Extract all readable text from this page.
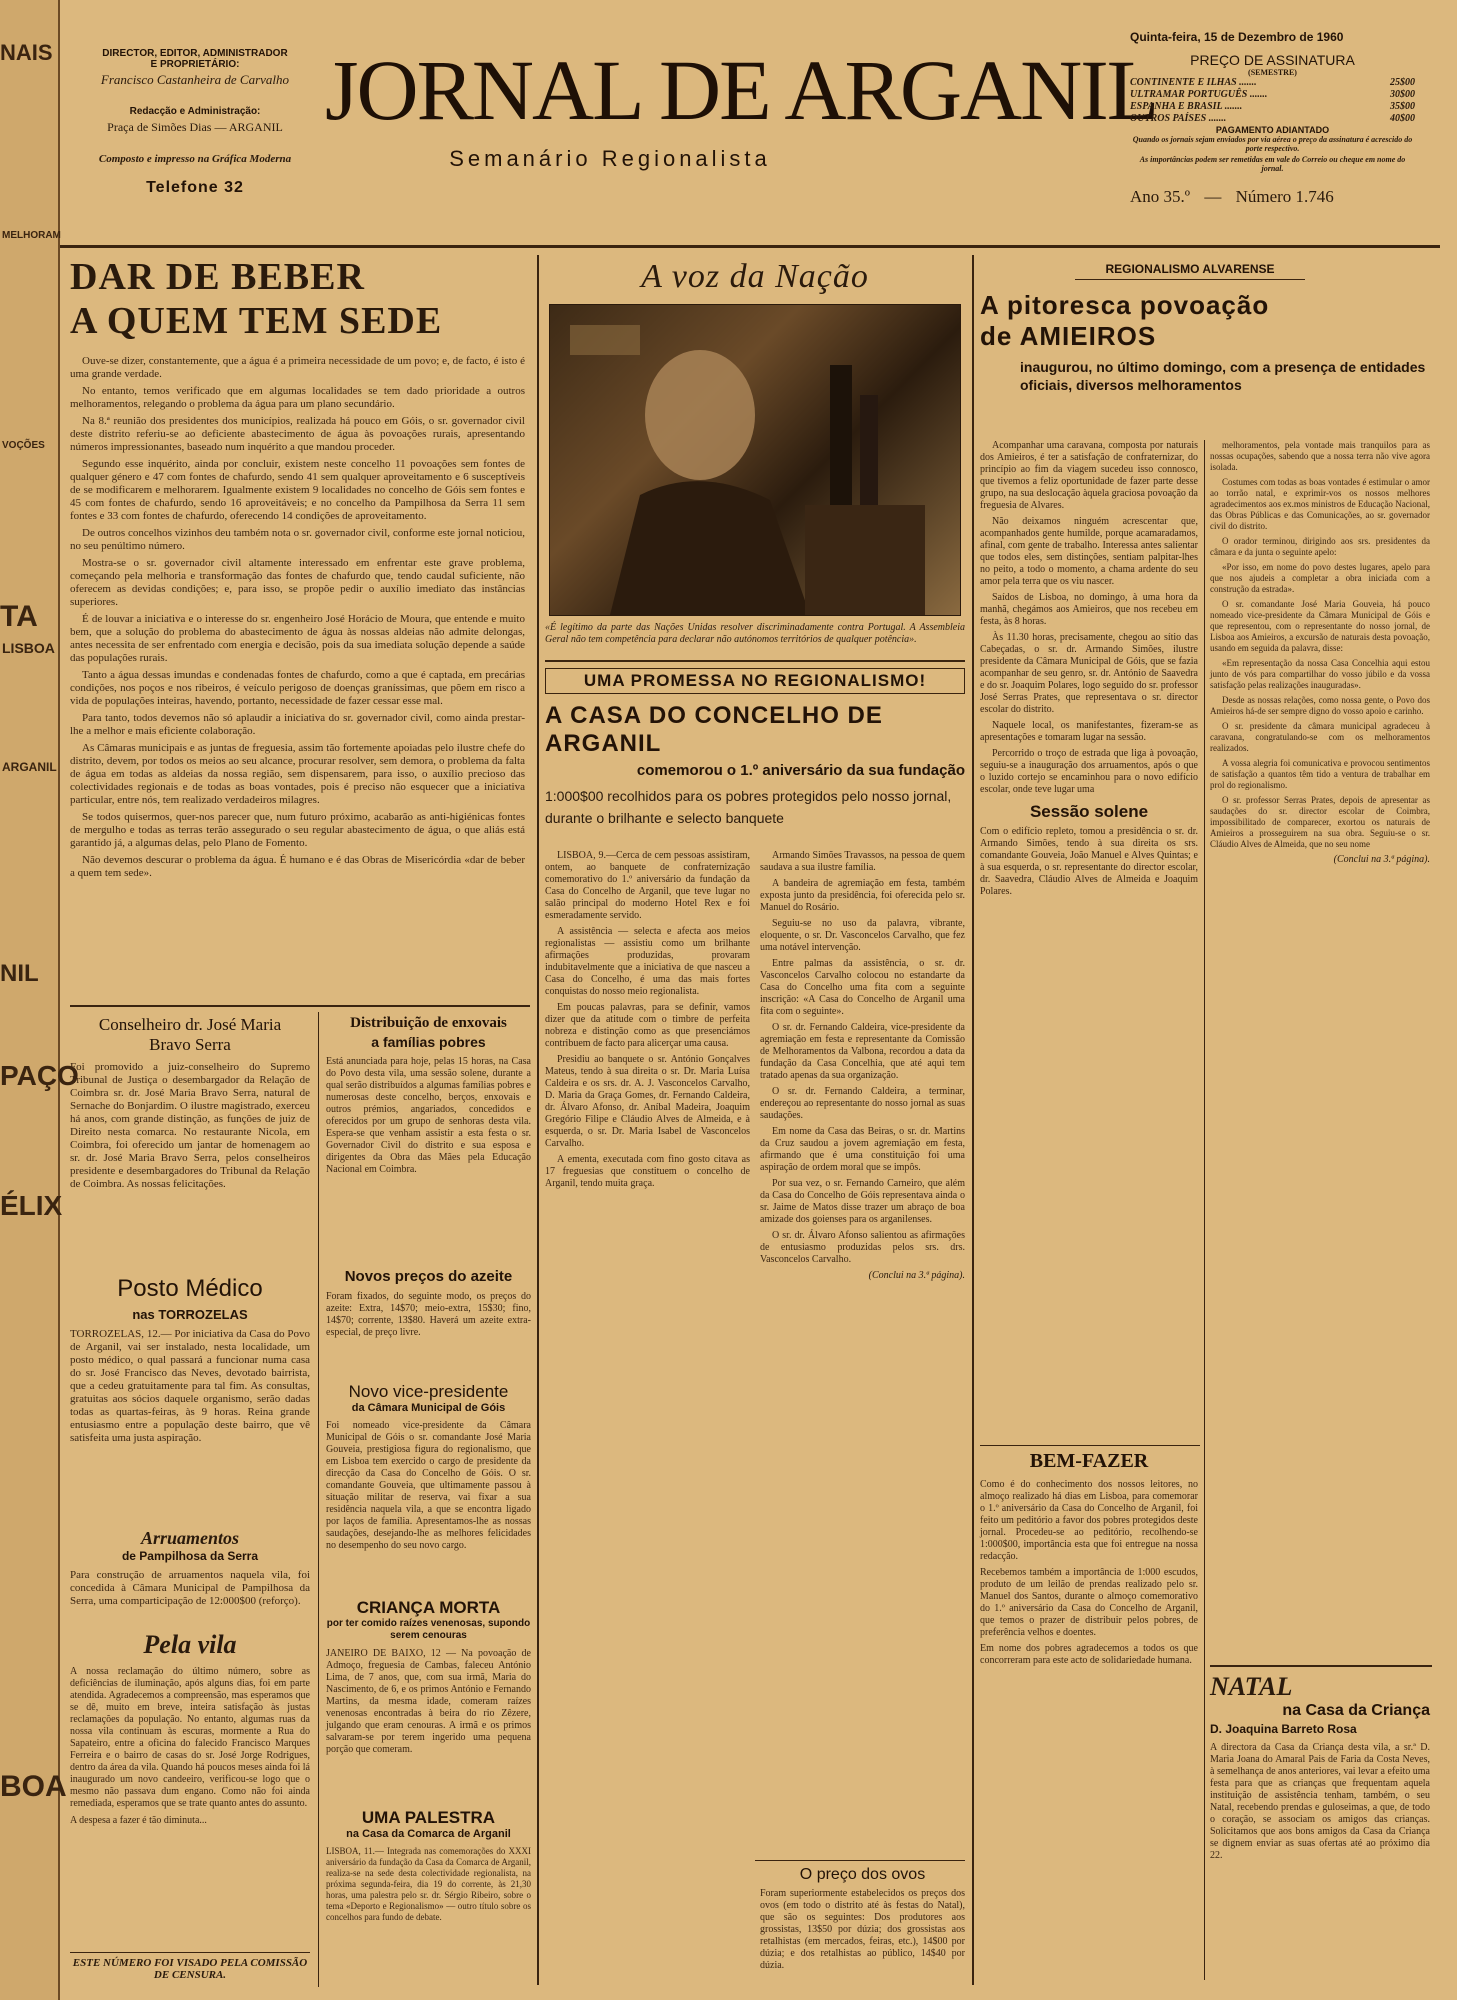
NAIS
MELHORAM
VOÇÕES
TA
LISBOA
ARGANIL
NIL
PAÇO
ÉLIX
BOA
DIRECTOR, EDITOR, ADMINISTRADOR
E PROPRIETÁRIO:
Francisco Castanheira de Carvalho
Redacção e Administração:
Praça de Simões Dias — ARGANIL
Composto e impresso na Gráfica Moderna
Telefone 32
JORNAL DE ARGANIL
Semanário Regionalista
Quinta-feira, 15 de Dezembro de 1960
PREÇO DE ASSINATURA
(SEMESTRE)
CONTINENTE E ILHAS .......	25$00
ULTRAMAR PORTUGUÊS .......	30$00
ESPANHA E BRASIL .......	35$00
OUTROS PAÍSES .......	40$00
PAGAMENTO ADIANTADO
Quando os jornais sejam enviados por via aérea o preço da assinatura é acrescido do porte respectivo.
As importâncias podem ser remetidas em vale do Correio ou cheque em nome do jornal.
Ano 35.º — Número 1.746
DAR DE BEBER
A QUEM TEM SEDE

Ouve-se dizer, constantemente, que a água é a primeira necessidade de um povo; e, de facto, é isto é uma grande verdade.

No entanto, temos verificado que em algumas localidades se tem dado prioridade a outros melhoramentos, relegando o problema da água para um plano secundário.

Na 8.ª reunião dos presidentes dos municípios, realizada há pouco em Góis, o sr. governador civil deste distrito referiu-se ao deficiente abastecimento de água às povoações rurais, apresentando números impressionantes, baseado num inquérito a que mandou proceder.

Segundo esse inquérito, ainda por concluir, existem neste concelho 11 povoações sem fontes de qualquer género e 47 com fontes de chafurdo, sendo 41 sem qualquer aproveitamento e 6 susceptíveis de se modificarem e melhorarem. Igualmente existem 9 localidades no concelho de Góis sem fontes e 45 com fontes de chafurdo, sendo 16 aproveitáveis; e no concelho da Pampilhosa da Serra 11 sem fontes e 33 com fontes de chafurdo, oferecendo 14 condições de aproveitamento.

De outros concelhos vizinhos deu também nota o sr. governador civil, conforme este jornal noticiou, no seu penúltimo número.

Mostra-se o sr. governador civil altamente interessado em enfrentar este grave problema, começando pela melhoria e transformação das fontes de chafurdo que, tendo caudal suficiente, não oferecem as devidas condições; e, para isso, se propõe pedir o auxílio imediato das instâncias superiores.

É de louvar a iniciativa e o interesse do sr. engenheiro José Horácio de Moura, que entende e muito bem, que a solução do problema do abastecimento de água às nossas aldeias não admite delongas, antes necessita de ser enfrentado com energia e decisão, pois da sua imediata solução depende a saúde das populações rurais.

Tanto a água dessas imundas e condenadas fontes de chafurdo, como a que é captada, em precárias condições, nos poços e nos ribeiros, é veículo perigoso de doenças graníssimas, que põem em risco a vida de populações inteiras, havendo, portanto, necessidade de fazer cessar esse mal.

Para tanto, todos devemos não só aplaudir a iniciativa do sr. governador civil, como ainda prestar-lhe a melhor e mais eficiente colaboração.

As Câmaras municipais e as juntas de freguesia, assim tão fortemente apoiadas pelo ilustre chefe do distrito, devem, por todos os meios ao seu alcance, procurar resolver, sem demora, o problema da falta de água em todas as aldeias da nossa região, sem dispensarem, para isso, o auxílio precioso das colectividades regionais e de todas as boas vontades, pois é preciso não esquecer que a iniciativa particular, entre nós, tem realizado verdadeiros milagres.

Se todos quisermos, quer-nos parecer que, num futuro próximo, acabarão as anti-higiénicas fontes de mergulho e todas as terras terão assegurado o seu regular abastecimento de água, o que aliás está garantido já, a algumas delas, pelo Plano de Fomento.

Não devemos descurar o problema da água. É humano e é das Obras de Misericórdia «dar de beber a quem tem sede».

Conselheiro dr. José Maria
Bravo Serra
Foi promovido a juiz-conselheiro do Supremo Tribunal de Justiça o desembargador da Relação de Coimbra sr. dr. José Maria Bravo Serra, natural de Sernache do Bonjardim. O ilustre magistrado, exerceu há anos, com grande distinção, as funções de juiz de Direito nesta comarca. No restaurante Nicola, em Coimbra, foi oferecido um jantar de homenagem ao sr. dr. José Maria Bravo Serra, pelos conselheiros presidente e desembargadores do Tribunal da Relação de Coimbra. As nossas felicitações.
Posto Médico
nas TORROZELAS
TORROZELAS, 12.— Por iniciativa da Casa do Povo de Arganil, vai ser instalado, nesta localidade, um posto médico, o qual passará a funcionar numa casa do sr. José Francisco das Neves, devotado bairrista, que a cedeu gratuitamente para tal fim. As consultas, gratuitas aos sócios daquele organismo, serão dadas todas as quartas-feiras, às 9 horas. Reina grande entusiasmo entre a população deste bairro, que vê satisfeita uma justa aspiração.
Arruamentos
de Pampilhosa da Serra
Para construção de arruamentos naquela vila, foi concedida à Câmara Municipal de Pampilhosa da Serra, uma comparticipação de 12:000$00 (reforço).
Pela vila
A nossa reclamação do último número, sobre as deficiências de iluminação, após alguns dias, foi em parte atendida. Agradecemos a compreensão, mas esperamos que se dê, muito em breve, inteira satisfação às justas reclamações da população. No entanto, algumas ruas da nossa vila continuam às escuras, mormente a Rua do Sapateiro, entre a oficina do falecido Francisco Marques Ferreira e o bairro de casas do sr. José Jorge Rodrigues, dentro da área da vila. Quando há poucos meses ainda foi lá inaugurado um novo candeeiro, verificou-se logo que o mesmo não passava dum engano. Como não foi ainda remediada, esperamos que se trate quanto antes do assunto.
A despesa a fazer é tão diminuta...
ESTE NÚMERO FOI VISADO PELA COMISSÃO DE CENSURA.
Distribuição de enxovais
a famílias pobres
Está anunciada para hoje, pelas 15 horas, na Casa do Povo desta vila, uma sessão solene, durante a qual serão distribuídos a algumas famílias pobres e numerosas deste concelho, berços, enxovais e outros prémios, angariados, concedidos e oferecidos por um grupo de senhoras desta vila. Espera-se que venham assistir a esta festa o sr. Governador Civil do distrito e sua esposa e dirigentes da Obra das Mães pela Educação Nacional em Coimbra.
Novos preços do azeite
Foram fixados, do seguinte modo, os preços do azeite: Extra, 14$70; meio-extra, 15$30; fino, 14$70; corrente, 13$80. Haverá um azeite extra-especial, de preço livre.
Novo vice-presidente
da Câmara Municipal de Góis
Foi nomeado vice-presidente da Câmara Municipal de Góis o sr. comandante José Maria Gouveia, prestigiosa figura do regionalismo, que em Lisboa tem exercido o cargo de presidente da direcção da Casa do Concelho de Góis. O sr. comandante Gouveia, que ultimamente passou à situação militar de reserva, vai fixar a sua residência naquela vila, a que se encontra ligado por laços de família. Apresentamos-lhe as nossas saudações, desejando-lhe as melhores felicidades no desempenho do seu novo cargo.
CRIANÇA MORTA
por ter comido raízes venenosas, supondo serem cenouras
JANEIRO DE BAIXO, 12 — Na povoação de Admoço, freguesia de Cambas, faleceu António Lima, de 7 anos, que, com sua irmã, Maria do Nascimento, de 6, e os primos António e Fernando Martins, da mesma idade, comeram raízes venenosas encontradas à beira do rio Zêzere, julgando que eram cenouras. A irmã e os primos salvaram-se por terem ingerido uma pequena porção que comeram.
UMA PALESTRA
na Casa da Comarca de Arganil
LISBOA, 11.— Integrada nas comemorações do XXXI aniversário da fundação da Casa da Comarca de Arganil, realiza-se na sede desta colectividade regionalista, na próxima segunda-feira, dia 19 do corrente, às 21,30 horas, uma palestra pelo sr. dr. Sérgio Ribeiro, sobre o tema «Deporto e Regionalismo» — outro título sobre os concelhos para fundo de debate.
A voz da Nação
«É legítimo da parte das Nações Unidas resolver discriminadamente contra Portugal. A Assembleia Geral não tem competência para declarar não autónomos territórios de qualquer potência».
UMA PROMESSA NO REGIONALISMO!
A CASA DO CONCELHO DE ARGANIL
comemorou o 1.º aniversário da sua fundação
1:000$00 recolhidos para os pobres protegidos pelo nosso jornal, durante o brilhante e selecto banquete

LISBOA, 9.—Cerca de cem pessoas assistiram, ontem, ao banquete de confraternização comemorativo do 1.º aniversário da fundação da Casa do Concelho de Arganil, que teve lugar no salão principal do moderno Hotel Rex e foi esmeradamente servido.

A assistência — selecta e afecta aos meios regionalistas — assistiu como um brilhante afirmações produzidas, provaram indubitavelmente que a iniciativa de que nasceu a Casa do Concelho, é uma das mais fortes conquistas do nosso meio regionalista.

Em poucas palavras, para se definir, vamos dizer que da atitude com o timbre de perfeita nobreza e distinção como as que presenciámos contribuem de facto para alicerçar uma causa.

Presidiu ao banquete o sr. António Gonçalves Mateus, tendo à sua direita o sr. Dr. Maria Luísa Caldeira e os srs. dr. A. J. Vasconcelos Carvalho, D. Maria da Graça Gomes, dr. Fernando Caldeira, dr. Álvaro Afonso, dr. Aníbal Madeira, Joaquim Gregório Filipe e Cláudio Alves de Almeida, e à esquerda, o sr. Dr. Maria Isabel de Vasconcelos Carvalho.

A ementa, executada com fino gosto citava as 17 freguesias que constituem o concelho de Arganil, tendo muita graça.

Armando Simões Travassos, na pessoa de quem saudava a sua ilustre família.

A bandeira de agremiação em festa, também exposta junto da presidência, foi oferecida pelo sr. Manuel do Rosário.

Seguiu-se no uso da palavra, vibrante, eloquente, o sr. Dr. Vasconcelos Carvalho, que fez uma notável intervenção.

Entre palmas da assistência, o sr. dr. Vasconcelos Carvalho colocou no estandarte da Casa do Concelho uma fita com a seguinte inscrição: «A Casa do Concelho de Arganil uma fita com o seguinte».

O sr. dr. Fernando Caldeira, vice-presidente da agremiação em festa e representante da Comissão de Melhoramentos da Valbona, recordou a data da fundação da Casa Concelhia, que até aqui tem tratado apenas da sua organização.

O sr. dr. Fernando Caldeira, a terminar, endereçou ao representante do nosso jornal as suas saudações.

Em nome da Casa das Beiras, o sr. dr. Martins da Cruz saudou a jovem agremiação em festa, afirmando que é uma constituição foi uma aspiração de ordem moral que se impôs.

Por sua vez, o sr. Fernando Carneiro, que além da Casa do Concelho de Góis representava ainda o sr. Jaime de Matos disse trazer um abraço de boa amizade dos goienses para os arganilenses.

O sr. dr. Álvaro Afonso salientou as afirmações de entusiasmo produzidas pelos srs. drs. Vasconcelos Carvalho.

(Conclui na 3.ª página).
O preço dos ovos
Foram superiormente estabelecidos os preços dos ovos (em todo o distrito até às festas do Natal), que são os seguintes: Dos produtores aos grossistas, 13$50 por dúzia; dos grossistas aos retalhistas (em mercados, feiras, etc.), 14$00 por dúzia; e dos retalhistas ao público, 14$40 por dúzia.
REGIONALISMO ALVARENSE
A pitoresca povoação
de AMIEIROS
inaugurou, no último domingo, com a presença de entidades oficiais, diversos melhoramentos

Acompanhar uma caravana, composta por naturais dos Amieiros, é ter a satisfação de confraternizar, do princípio ao fim da viagem sucedeu isso connosco, que tivemos a feliz oportunidade de fazer parte desse grupo, na sua deslocação àquela graciosa povoação da freguesia de Alvares.

Não deixamos ninguém acrescentar que, acompanhados gente humilde, porque acamaradamos, afinal, com gente de trabalho. Interessa antes salientar que todos eles, sem distinções, sentiam palpitar-lhes no peito, a todo o momento, a chama ardente do seu amor pela terra que os viu nascer.

Saídos de Lisboa, no domingo, à uma hora da manhã, chegámos aos Amieiros, que nos recebeu em festa, às 8 horas.

Às 11.30 horas, precisamente, chegou ao sítio das Cabeçadas, o sr. dr. Armando Simões, ilustre presidente da Câmara Municipal de Góis, que se fazia acompanhar de seu genro, sr. dr. António de Saavedra e do sr. Joaquim Polares, logo seguido do sr. professor José Serras Prates, que representava o sr. director escolar do distrito.

Naquele local, os manifestantes, fizeram-se as apresentações e tomaram lugar na sessão.

Percorrido o troço de estrada que liga à povoação, seguiu-se a inauguração dos arruamentos, após o que o luzido cortejo se encaminhou para o novo edifício escolar, onde teve lugar uma

Sessão solene
Com o edifício repleto, tomou a presidência o sr. dr. Armando Simões, tendo à sua direita os srs. comandante Gouveia, João Manuel e Alves Quintas; e à sua esquerda, o sr. representante do director escolar, dr. Saavedra, Cláudio Alves de Almeida e Joaquim Polares.

melhoramentos, pela vontade mais tranquilos para as nossas ocupações, sabendo que a nossa terra não vive agora isolada.

Costumes com todas as boas vontades é estimular o amor ao torrão natal, e exprimir-vos os nossos melhores agradecimentos aos ex.mos ministros de Educação Nacional, das Obras Públicas e das Comunicações, ao sr. governador civil do distrito.

O orador terminou, dirigindo aos srs. presidentes da câmara e da junta o seguinte apelo:

«Por isso, em nome do povo destes lugares, apelo para que nos ajudeis a completar a obra iniciada com a construção da estrada».

O sr. comandante José Maria Gouveia, há pouco nomeado vice-presidente da Câmara Municipal de Góis e que representou, com o representante do nosso jornal, de Lisboa aos Amieiros, a excursão de naturais desta povoação, usando em seguida da palavra, disse:

«Em representação da nossa Casa Concelhia aqui estou junto de vós para compartilhar do vosso júbilo e da vossa satisfação pelas realizações inauguradas».

Desde as nossas relações, como nossa gente, o Povo dos Amieiros há-de ser sempre digno do vosso apoio e carinho.

O sr. presidente da câmara municipal agradeceu à caravana, congratulando-se com os melhoramentos realizados.

A vossa alegria foi comunicativa e provocou sentimentos de satisfação a quantos têm tido a ventura de trabalhar em prol do regionalismo.

O sr. professor Serras Prates, depois de apresentar as saudações do sr. director escolar de Coimbra, impossibilitado de comparecer, exortou os naturais de Amieiros a prosseguirem na sua obra. Seguiu-se o sr. Cláudio Alves de Almeida, que no seu nome

(Conclui na 3.ª página).
BEM-FAZER
Como é do conhecimento dos nossos leitores, no almoço realizado há dias em Lisboa, para comemorar o 1.º aniversário da Casa do Concelho de Arganil, foi feito um peditório a favor dos pobres protegidos deste jornal. Procedeu-se ao peditório, recolhendo-se 1:000$00, importância esta que foi entregue na nossa redacção.
Recebemos também a importância de 1:000 escudos, produto de um leilão de prendas realizado pelo sr. Manuel dos Santos, durante o almoço comemorativo do 1.º aniversário da Casa do Concelho de Arganil, que temos o prazer de distribuir pelos pobres, de preferência velhos e doentes.
Em nome dos pobres agradecemos a todos os que concorreram para este acto de solidariedade humana.
NATAL
na Casa da Criança
D. Joaquina Barreto Rosa
A directora da Casa da Criança desta vila, a sr.ª D. Maria Joana do Amaral Pais de Faria da Costa Neves, à semelhança de anos anteriores, vai levar a efeito uma festa para que as crianças que frequentam aquela instituição de assistência tenham, também, o seu Natal, recebendo prendas e guloseimas, a que, de todo o coração, se associam os amigos das crianças. Solicitamos que aos bons amigos da Casa da Criança se dignem enviar as suas ofertas até ao próximo dia 22.
